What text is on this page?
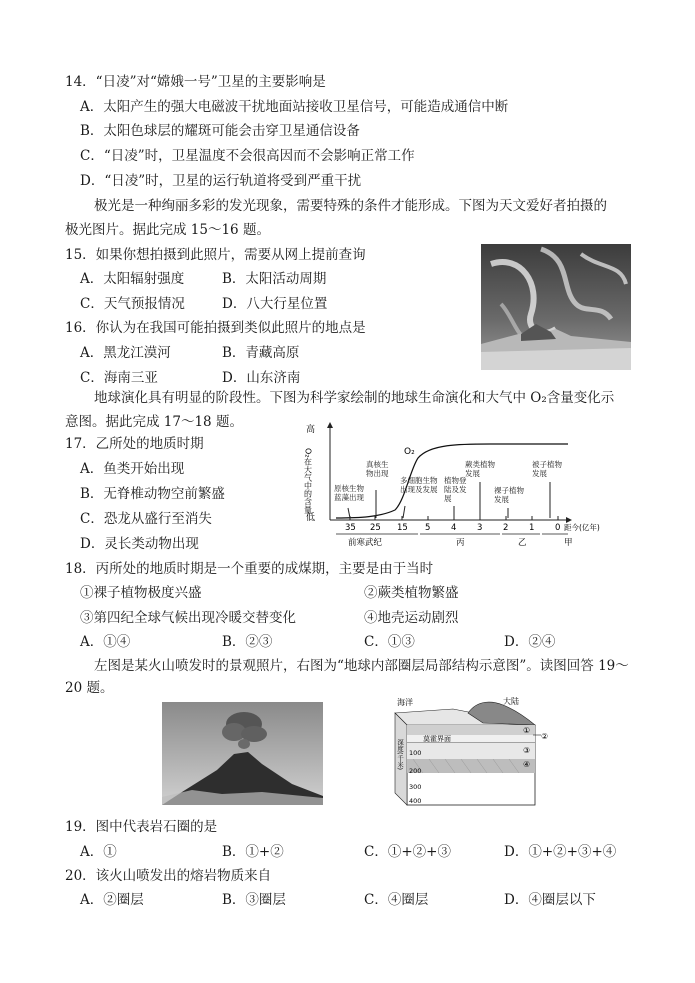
14．“日凌”对“嫦娥一号”卫星的主要影响是
A．太阳产生的强大电磁波干扰地面站接收卫星信号，可能造成通信中断
B．太阳色球层的耀斑可能会击穿卫星通信设备
C．“日凌”时，卫星温度不会很高因而不会影响正常工作
D．“日凌”时，卫星的运行轨道将受到严重干扰
极光是一种绚丽多彩的发光现象，需要特殊的条件才能形成。下图为天文爱好者拍摄的
极光图片。据此完成 15～16 题。
15．如果你想拍摄到此照片，需要从网上提前查询
A．太阳辐射强度	B．太阳活动周期
C．天气预报情况	D．八大行星位置
16．你认为在我国可能拍摄到类似此照片的地点是
A．黑龙江漠河	B．青藏高原
C．海南三亚	D．山东济南
地球演化具有明显的阶段性。下图为科学家绘制的地球生命演化和大气中 O₂含量变化示
意图。据此完成 17～18 题。
17．乙所处的地质时期
A．鱼类开始出现
B．无脊椎动物空前繁盛
C．恐龙从盛行至消失
D．灵长类动物出现
高
低
O₂在大气中的含量	O₂
35 25 15 5 4 3 2 1 0 距今(亿年)
前寒武纪	丙	乙	甲
原核生物蓝藻出现
真核生物出现
多细胞生物出现及发展
植物登陆及发展
蕨类植物发展
裸子植物发展
被子植物发展
18．丙所处的地质时期是一个重要的成煤期，主要是由于当时
①裸子植物极度兴盛	②蕨类植物繁盛
③第四纪全球气候出现冷暖交替变化	④地壳运动剧烈
A．①④	B．②③	C．①③	D．②④
左图是某火山喷发时的景观照片，右图为“地球内部圈层局部结构示意图”。读图回答 19～
20 题。
海洋	大陆
莫霍界面
深度(千米) 100
200
300
400
①
②
③
④
19．图中代表岩石圈的是
A．①	B．①+②	C．①+②+③	D．①+②+③+④
20．该火山喷发出的熔岩物质来自
A．②圈层	B．③圈层	C．④圈层	D．④圈层以下
